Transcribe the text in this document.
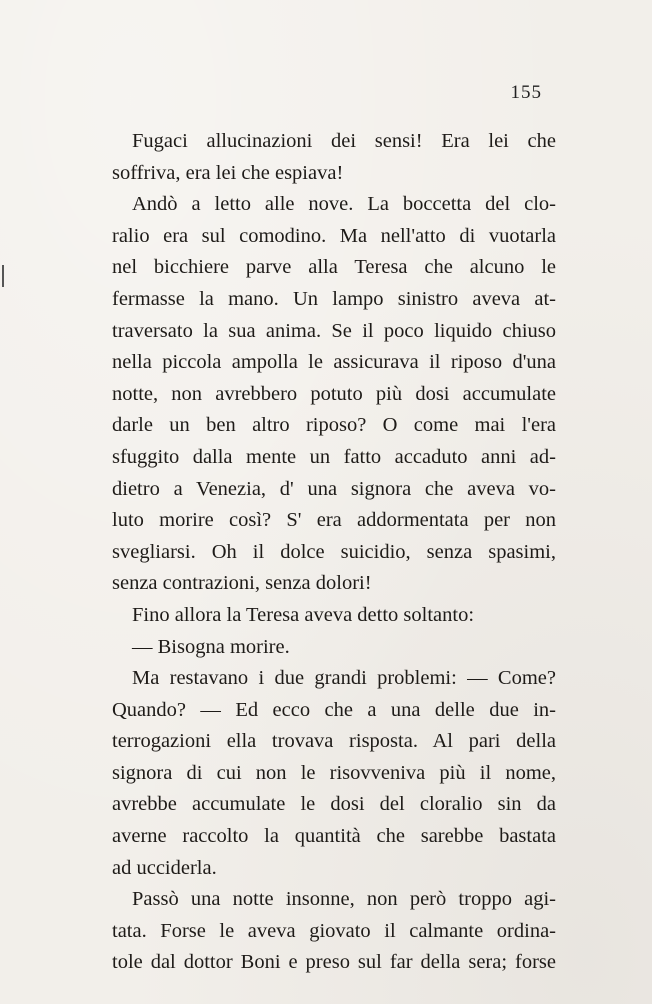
155
Fugaci allucinazioni dei sensi! Era lei che
soffriva, era lei che espiava!
Andò a letto alle nove. La boccetta del clo-
ralio era sul comodino. Ma nell'atto di vuotarla
nel bicchiere parve alla Teresa che alcuno le
fermasse la mano. Un lampo sinistro aveva at-
traversato la sua anima. Se il poco liquido chiuso
nella piccola ampolla le assicurava il riposo d'una
notte, non avrebbero potuto più dosi accumulate
darle un ben altro riposo? O come mai l'era
sfuggito dalla mente un fatto accaduto anni ad-
dietro a Venezia, d' una signora che aveva vo-
luto morire così? S' era addormentata per non
svegliarsi. Oh il dolce suicidio, senza spasimi,
senza contrazioni, senza dolori!
Fino allora la Teresa aveva detto soltanto:
— Bisogna morire.
Ma restavano i due grandi problemi: — Come?
Quando? — Ed ecco che a una delle due in-
terrogazioni ella trovava risposta. Al pari della
signora di cui non le risovveniva più il nome,
avrebbe accumulate le dosi del cloralio sin da
averne raccolto la quantità che sarebbe bastata
ad ucciderla.
Passò una notte insonne, non però troppo agi-
tata. Forse le aveva giovato il calmante ordina-
tole dal dottor Boni e preso sul far della sera; forse
